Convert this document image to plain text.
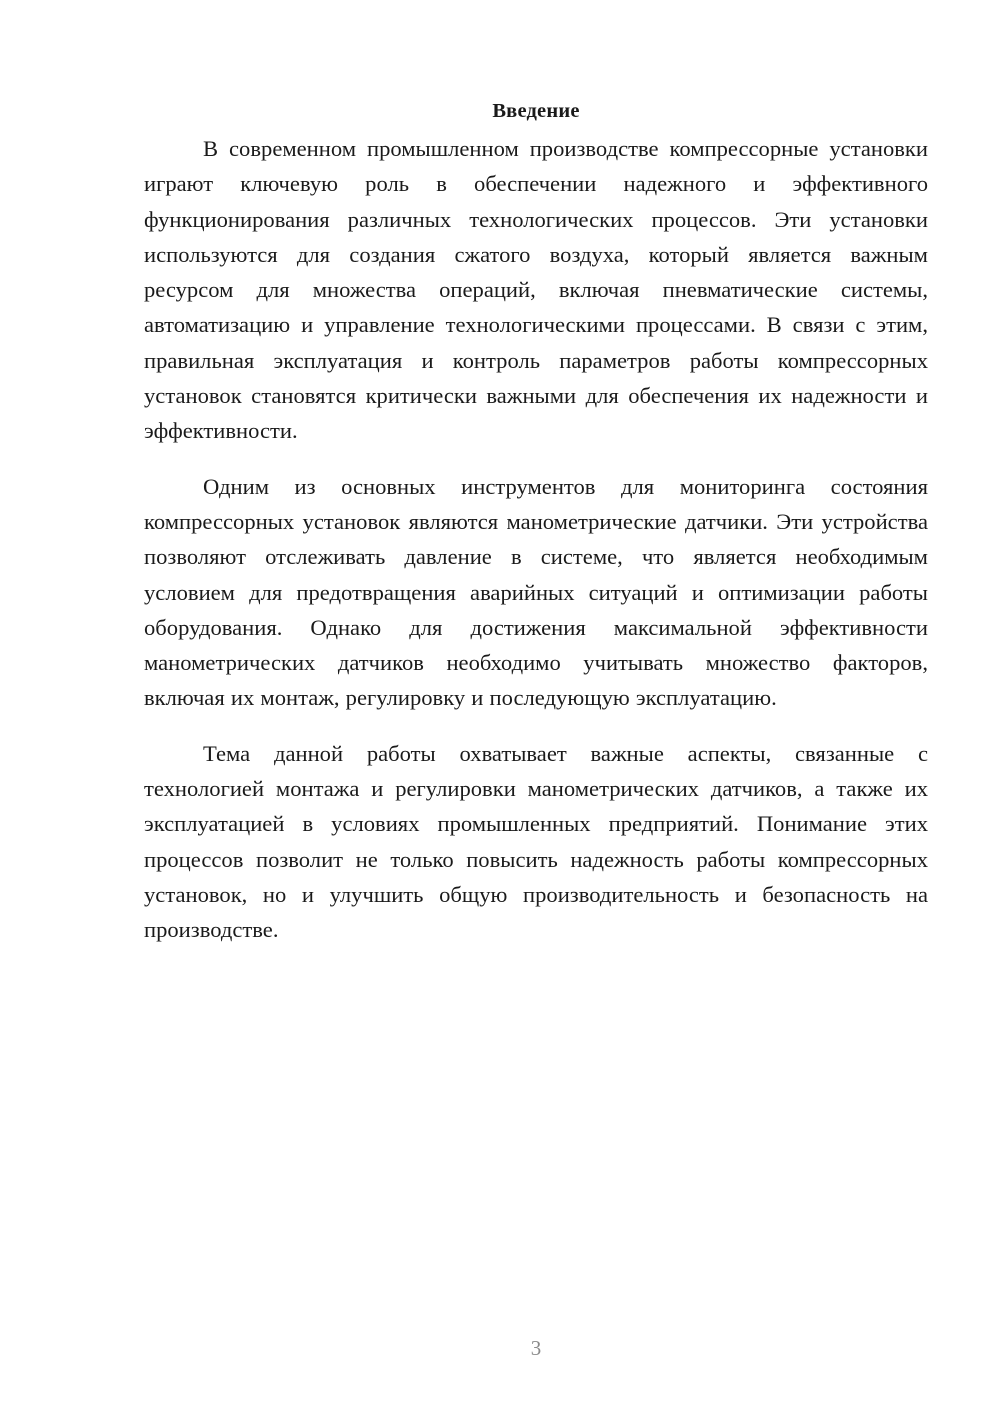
Введение

В современном промышленном производстве компрессорные установки играют ключевую роль в обеспечении надежного и эффективного функционирования различных технологических процессов. Эти установки используются для создания сжатого воздуха, который является важным ресурсом для множества операций, включая пневматические системы, автоматизацию и управление технологическими процессами. В связи с этим, правильная эксплуатация и контроль параметров работы компрессорных установок становятся критически важными для обеспечения их надежности и эффективности.

Одним из основных инструментов для мониторинга состояния компрессорных установок являются манометрические датчики. Эти устройства позволяют отслеживать давление в системе, что является необходимым условием для предотвращения аварийных ситуаций и оптимизации работы оборудования. Однако для достижения максимальной эффективности манометрических датчиков необходимо учитывать множество факторов, включая их монтаж, регулировку и последующую эксплуатацию.

Тема данной работы охватывает важные аспекты, связанные с технологией монтажа и регулировки манометрических датчиков, а также их эксплуатацией в условиях промышленных предприятий. Понимание этих процессов позволит не только повысить надежность работы компрессорных установок, но и улучшить общую производительность и безопасность на производстве.

3
